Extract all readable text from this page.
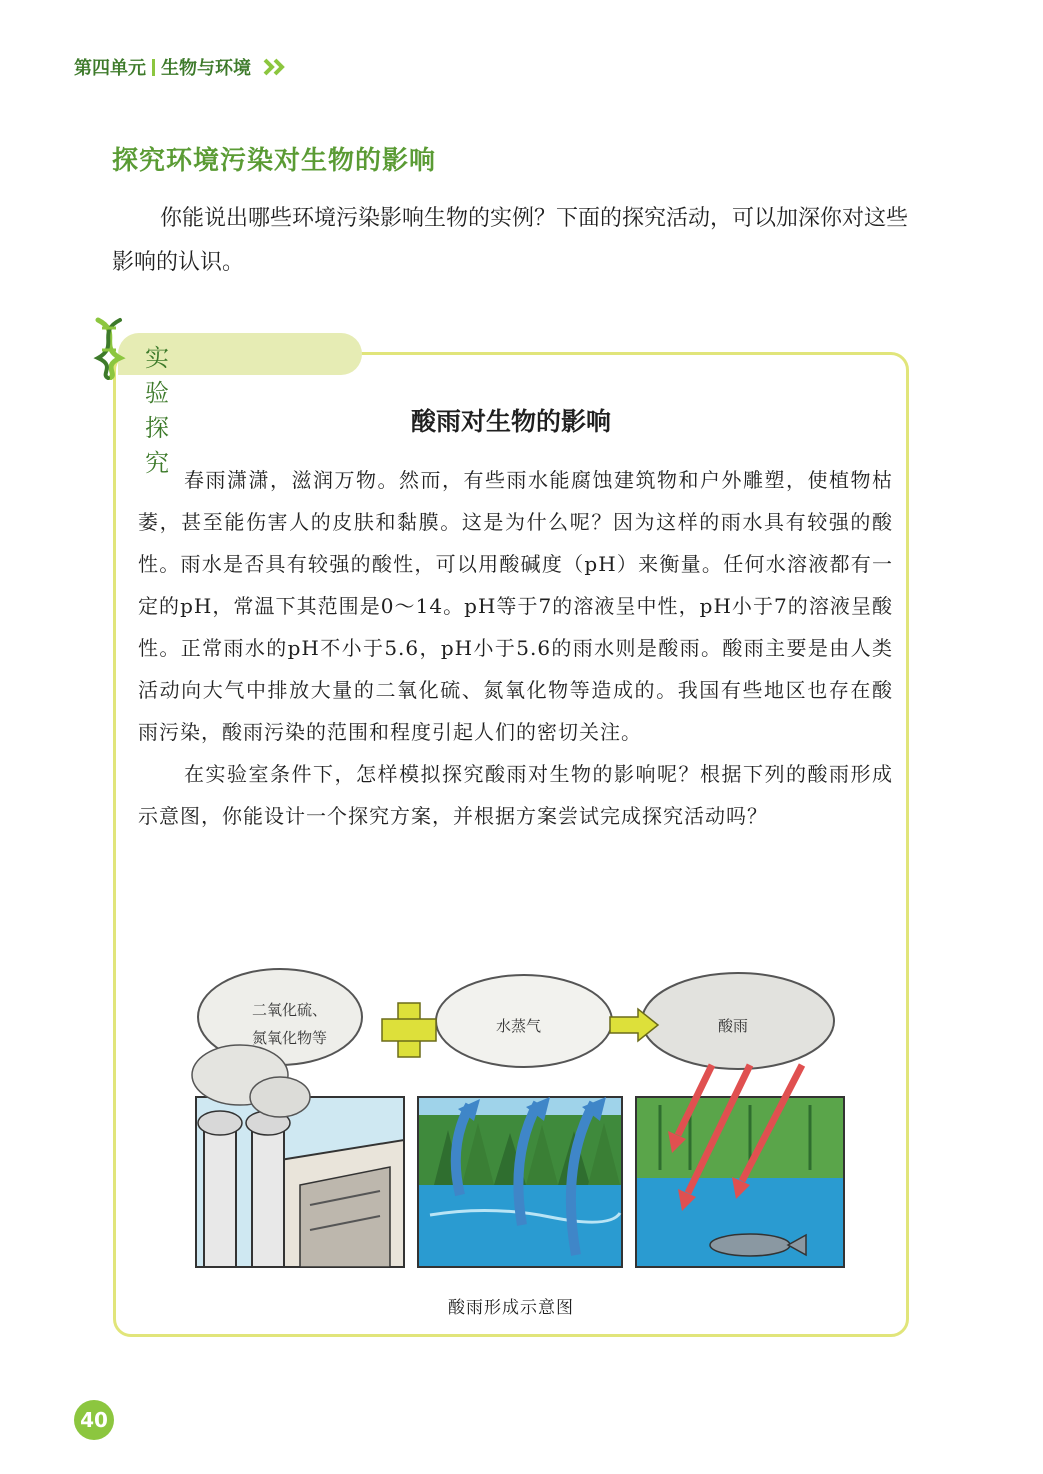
第四单元 生物与环境
探究环境污染对生物的影响

你能说出哪些环境污染影响生物的实例？下面的探究活动，可以加深你对这些影响的认识。

实验探究
酸雨对生物的影响

春雨潇潇，滋润万物。然而，有些雨水能腐蚀建筑物和户外雕塑，使植物枯萎，甚至能伤害人的皮肤和黏膜。这是为什么呢？因为这样的雨水具有较强的酸性。雨水是否具有较强的酸性，可以用酸碱度（pH）来衡量。任何水溶液都有一定的pH，常温下其范围是0～14。pH等于7的溶液呈中性，pH小于7的溶液呈酸性。正常雨水的pH不小于5.6，pH小于5.6的雨水则是酸雨。酸雨主要是由人类活动向大气中排放大量的二氧化硫、氮氧化物等造成的。我国有些地区也存在酸雨污染，酸雨污染的范围和程度引起人们的密切关注。

在实验室条件下，怎样模拟探究酸雨对生物的影响呢？根据下列的酸雨形成示意图，你能设计一个探究方案，并根据方案尝试完成探究活动吗？

二氧化硫、
氮氧化物等
水蒸气	酸雨
酸雨形成示意图
40
